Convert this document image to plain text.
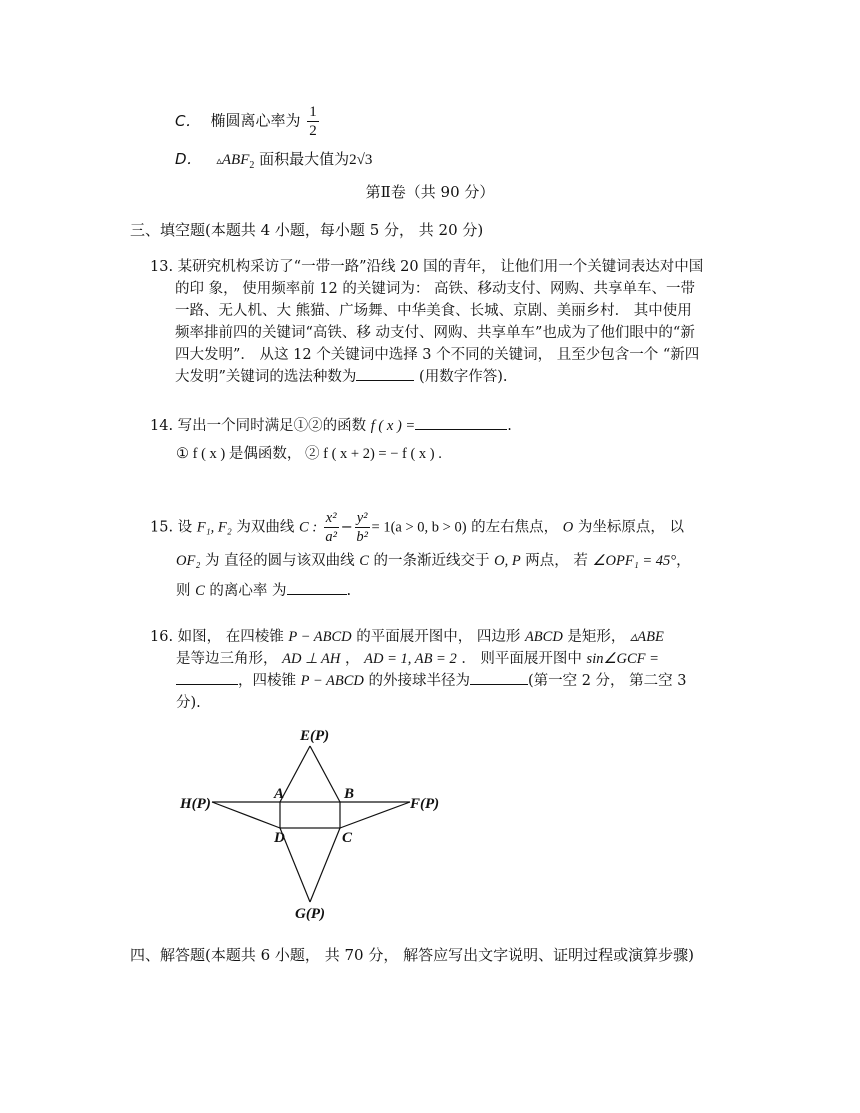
C． 椭圆离心率为 $\frac{1}{2}$
D． $▵ABF_2$ 面积最大值为2√3
第Ⅱ卷（共 90 分）
三、填空题(本题共 4 小题，每小题 5 分， 共 20 分)
13. 某研究机构采访了“一带一路”沿线 20 国的青年， 让他们用一个关键词表达对中国
的印 象， 使用频率前 12 的关键词为： 高铁、移动支付、网购、共享单车、一带
一路、无人机、大 熊猫、广场舞、中华美食、长城、京剧、美丽乡村． 其中使用
频率排前四的关键词“高铁、移 动支付、网购、共享单车”也成为了他们眼中的“新
四大发明”． 从这 12 个关键词中选择 3 个不同的关键词， 且至少包含一个 “新四
大发明”关键词的选法种数为	(用数字作答).
14. 写出一个同时满足①②的函数 f ( x ) =	.
① f ( x ) 是偶函数， ② f ( x + 2) = − f ( x ) .
15. 设 F₁, F₂ 为双曲线 C : $\frac{\text{x²}}{\text{a²}} - \frac{\text{y²}}{\text{b²}} = 1(a > 0$, b > 0) 的左右焦点， O 为坐标原点， 以
OF₂ 为 直径的圆与该双曲线 C 的一条渐近线交于 O, P 两点， 若 ∠OPF₁ = 45°，
则 C 的离心率 为	.
16. 如图， 在四棱锥 P − ABCD 的平面展开图中， 四边形 ABCD 是矩形， ▵ABE
是等边三角形， AD ⊥ AH ， AD = 1, AB = 2 ． 则平面展开图中 sin∠GCF =
，四棱锥 P − ABCD 的外接球半径为	(第一空 2 分， 第二空 3
分).
E(P)
H(P)
A	B
F(P)
D	C
G(P)
四、解答题(本题共 6 小题， 共 70 分， 解答应写出文字说明、证明过程或演算步骤)
